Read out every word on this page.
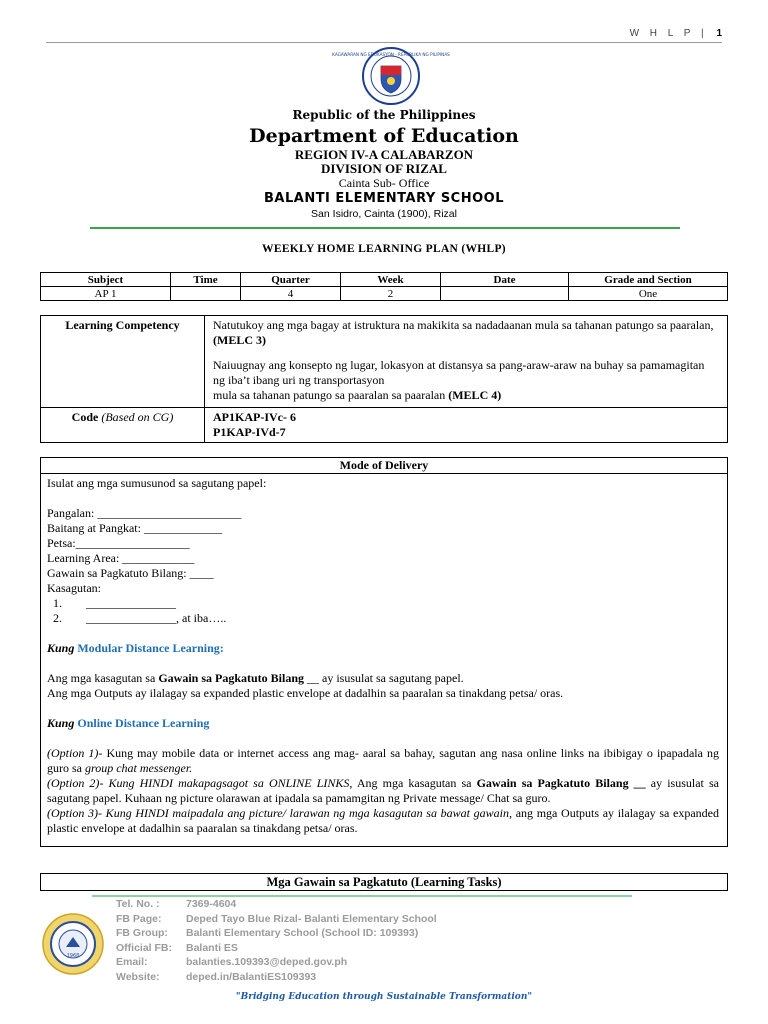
W H L P | 1
KAGAWARAN NG EDUKASYON · REPUBLIKA NG PILIPINAS
Republic of the Philippines
Department of Education
REGION IV-A CALABARZON
DIVISION OF RIZAL
Cainta Sub- Office
BALANTI ELEMENTARY SCHOOL
San Isidro, Cainta (1900), Rizal
WEEKLY HOME LEARNING PLAN (WHLP)
Subject	Time	Quarter	Week	Date	Grade and Section
AP 1		4	2		One
Learning Competency	Natutukoy ang mga bagay at istruktura na makikita sa nadadaanan mula sa tahanan patungo sa paaralan, (MELC 3)

Naiuugnay ang konsepto ng lugar, lokasyon at distansya sa pang-araw-araw na buhay sa pamamagitan ng iba’t ibang uri ng transportasyon
mula sa tahanan patungo sa paaralan sa paaralan (MELC 4)

Code (Based on CG)	AP1KAP-IVc- 6
P1KAP-IVd-7
Mode of Delivery
Isulat ang mga sumusunod sa sagutang papel:
Pangalan: ________________________
Baitang at Pangkat: _____________
Petsa:___________________
Learning Area: ____________
Gawain sa Pagkatuto Bilang: ____
Kasagutan:
1.        _______________
2.        _______________, at iba…..
Kung Modular Distance Learning:
Ang mga kasagutan sa Gawain sa Pagkatuto Bilang __ ay isusulat sa sagutang papel.
Ang mga Outputs ay ilalagay sa expanded plastic envelope at dadalhin sa paaralan sa tinakdang petsa/ oras.
Kung Online Distance Learning
(Option 1)- Kung may mobile data or internet access ang mag- aaral sa bahay, sagutan ang nasa online links na ibibigay o ipapadala ng guro sa group chat messenger.
(Option 2)- Kung HINDI makapagsagot sa ONLINE LINKS, Ang mga kasagutan sa Gawain sa Pagkatuto Bilang __ ay isusulat sa sagutang papel. Kuhaan ng picture olarawan at ipadala sa pamamgitan ng Private message/ Chat sa guro.
(Option 3)- Kung HINDI maipadala ang picture/ larawan ng mga kasagutan sa bawat gawain, ang mga Outputs ay ilalagay sa expanded plastic envelope at dadalhin sa paaralan sa tinakdang petsa/ oras.
Mga Gawain sa Pagkatuto (Learning Tasks)
1968
Tel. No. :	7369-4604
FB Page: Deped Tayo Blue Rizal- Balanti Elementary School
FB Group: Balanti Elementary School (School ID: 109393)
Official FB: Balanti ES
Email:	balanties.109393@deped.gov.ph
Website:	deped.in/BalantiES109393
"Bridging Education through Sustainable Transformation"
